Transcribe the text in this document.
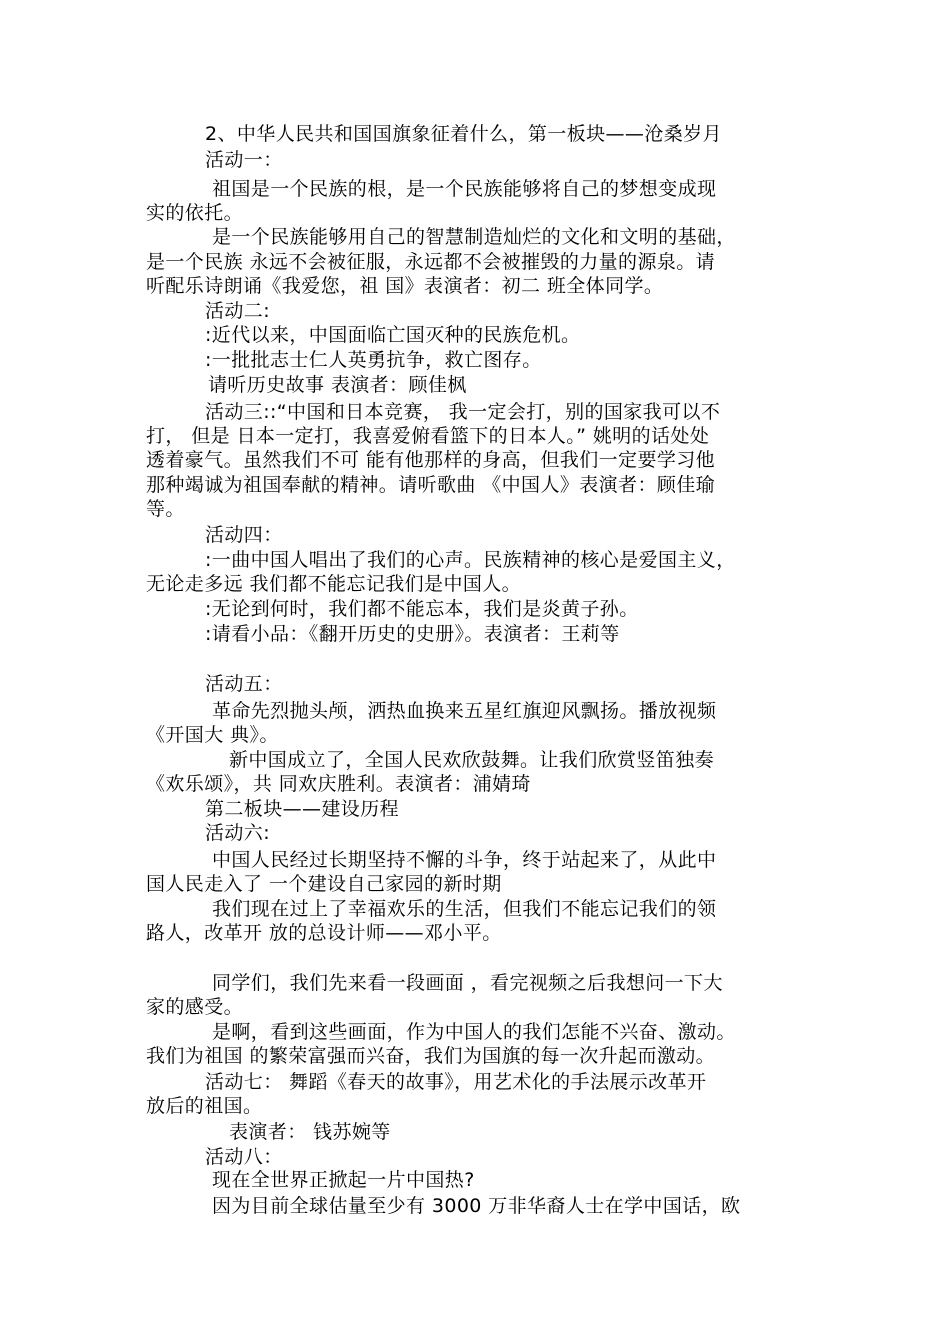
2、中华人民共和国国旗象征着什么，第一板块——沧桑岁月
活动一：
祖国是一个民族的根，是一个民族能够将自己的梦想变成现
实的依托。
是一个民族能够用自己的智慧制造灿烂的文化和文明的基础，
是一个民族 永远不会被征服，永远都不会被摧毁的力量的源泉。请
听配乐诗朗诵《我爱您，祖 国》表演者：初二 班全体同学。
活动二:
:近代以来，中国面临亡国灭种的民族危机。
:一批批志士仁人英勇抗争，救亡图存。
请听历史故事 表演者：顾佳枫
活动三::“中国和日本竞赛， 我一定会打，别的国家我可以不
打， 但是 日本一定打，我喜爱俯看篮下的日本人。” 姚明的话处处
透着豪气。虽然我们不可 能有他那样的身高，但我们一定要学习他
那种竭诚为祖国奉献的精神。请听歌曲 《中国人》表演者：顾佳瑜
等。
活动四：
:一曲中国人唱出了我们的心声。民族精神的核心是爱国主义，
无论走多远 我们都不能忘记我们是中国人。
:无论到何时，我们都不能忘本，我们是炎黄子孙。
:请看小品：《翻开历史的史册》。表演者：王莉等
活动五：
革命先烈抛头颅，洒热血换来五星红旗迎风飘扬。播放视频
《开国大 典》。
新中国成立了，全国人民欢欣鼓舞。让我们欣赏竖笛独奏
《欢乐颂》，共 同欢庆胜利。表演者：浦婧琦
第二板块——建设历程
活动六:
中国人民经过长期坚持不懈的斗争，终于站起来了，从此中
国人民走入了 一个建设自己家园的新时期
我们现在过上了幸福欢乐的生活，但我们不能忘记我们的领
路人，改革开 放的总设计师——邓小平。
同学们，我们先来看一段画面 ，看完视频之后我想问一下大
家的感受。
是啊，看到这些画面，作为中国人的我们怎能不兴奋、激动。
我们为祖国 的繁荣富强而兴奋，我们为国旗的每一次升起而激动。
活动七： 舞蹈《春天的故事》，用艺术化的手法展示改革开
放后的祖国。
表演者： 钱苏婉等
活动八：
现在全世界正掀起一片中国热?
因为目前全球估量至少有 3000 万非华裔人士在学中国话，欧
